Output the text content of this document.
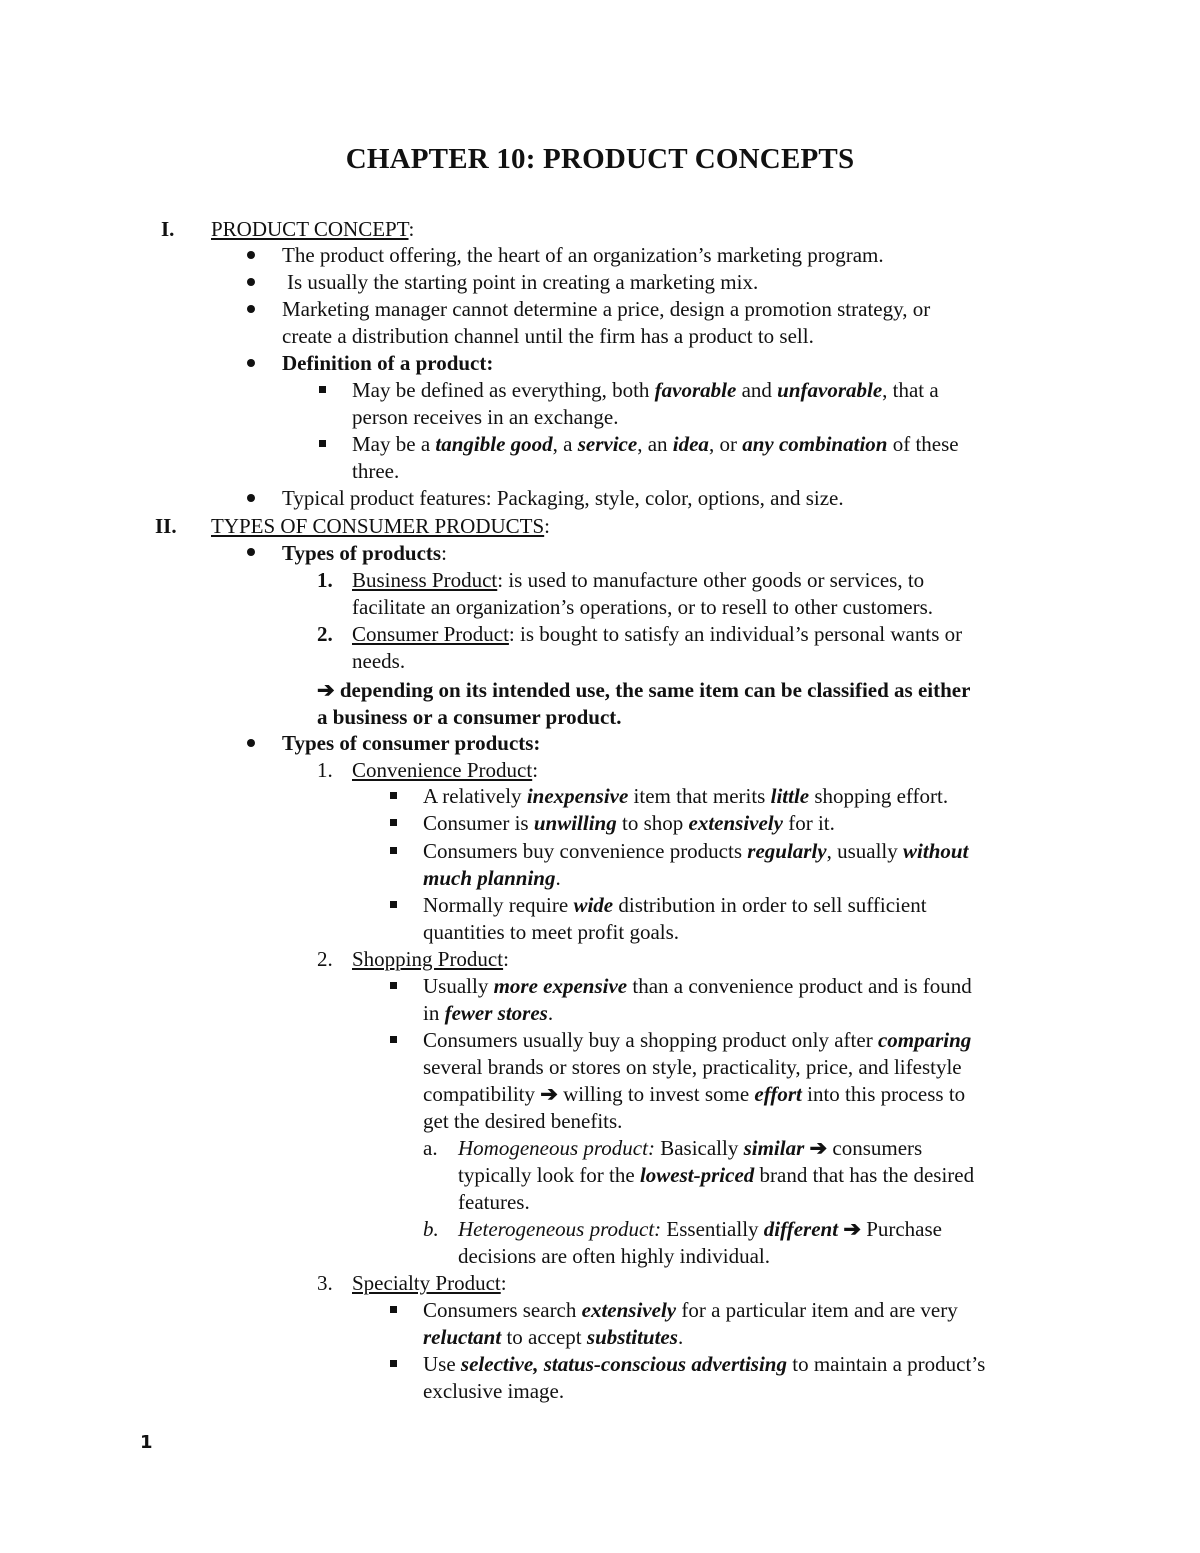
CHAPTER 10: PRODUCT CONCEPTS
I. PRODUCT CONCEPT:
The product offering, the heart of an organization’s marketing program.
Is usually the starting point in creating a marketing mix.
Marketing manager cannot determine a price, design a promotion strategy, or
create a distribution channel until the firm has a product to sell.
Definition of a product:
May be defined as everything, both favorable and unfavorable, that a
person receives in an exchange.
May be a tangible good, a service, an idea, or any combination of these
three.
Typical product features: Packaging, style, color, options, and size.
II. TYPES OF CONSUMER PRODUCTS:
Types of products:
1. Business Product: is used to manufacture other goods or services, to
facilitate an organization’s operations, or to resell to other customers.
2. Consumer Product: is bought to satisfy an individual’s personal wants or
needs.
➔ depending on its intended use, the same item can be classified as either
a business or a consumer product.
Types of consumer products:
1. Convenience Product:
A relatively inexpensive item that merits little shopping effort.
Consumer is unwilling to shop extensively for it.
Consumers buy convenience products regularly, usually without
much planning.
Normally require wide distribution in order to sell sufficient
quantities to meet profit goals.
2. Shopping Product:
Usually more expensive than a convenience product and is found
in fewer stores.
Consumers usually buy a shopping product only after comparing
several brands or stores on style, practicality, price, and lifestyle
compatibility ➔ willing to invest some effort into this process to
get the desired benefits.
a. Homogeneous product: Basically similar ➔ consumers
typically look for the lowest-priced brand that has the desired
features.
b. Heterogeneous product: Essentially different ➔ Purchase
decisions are often highly individual.
3. Specialty Product:
Consumers search extensively for a particular item and are very
reluctant to accept substitutes.
Use selective, status-conscious advertising to maintain a product’s
exclusive image.
1
